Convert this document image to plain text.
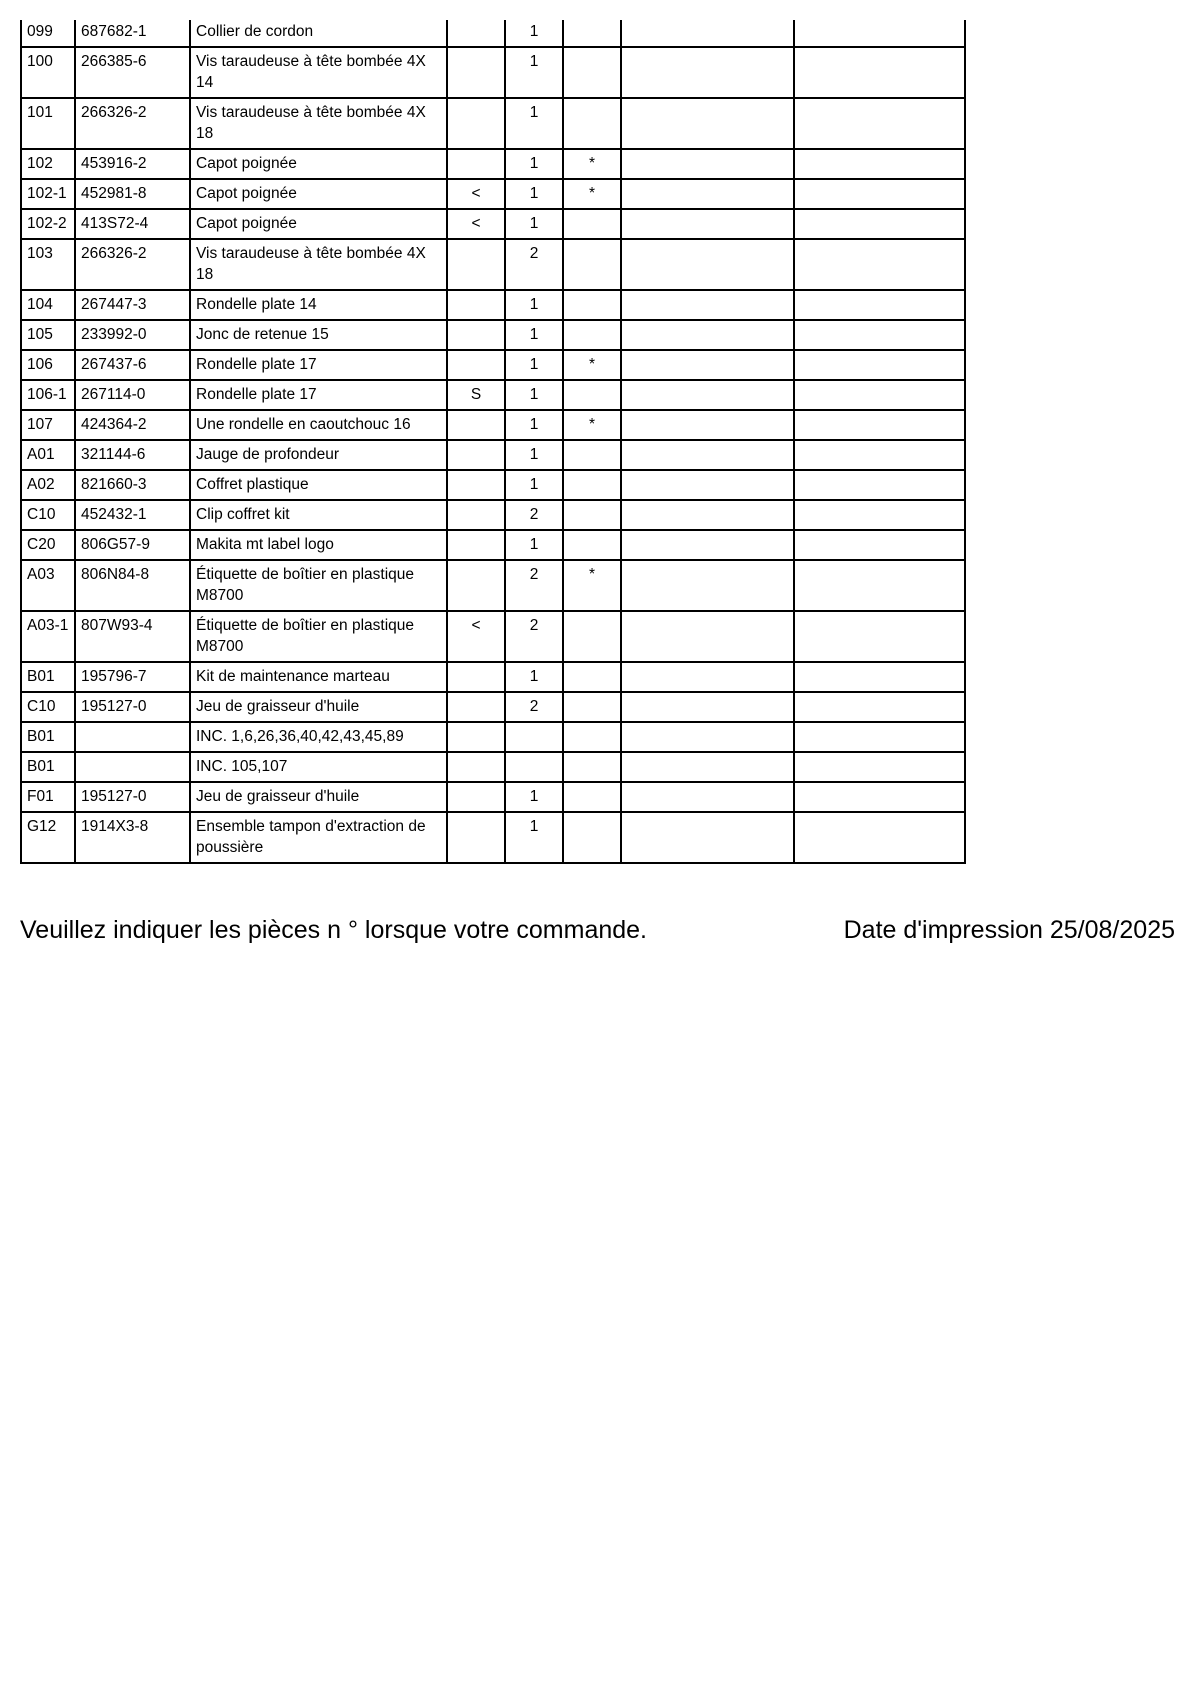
099	687682-1	Collier de cordon		1			
100	266385-6	Vis taraudeuse à tête bombée 4X 14		1			
101	266326-2	Vis taraudeuse à tête bombée 4X 18		1			
102	453916-2	Capot poignée		1	*		
102-1	452981-8	Capot poignée	<	1	*		
102-2	413S72-4	Capot poignée	<	1			
103	266326-2	Vis taraudeuse à tête bombée 4X 18		2			
104	267447-3	Rondelle plate 14		1			
105	233992-0	Jonc de retenue 15		1			
106	267437-6	Rondelle plate 17		1	*		
106-1	267114-0	Rondelle plate 17	S	1			
107	424364-2	Une rondelle en caoutchouc 16		1	*		
A01	321144-6	Jauge de profondeur		1			
A02	821660-3	Coffret plastique		1			
C10	452432-1	Clip coffret kit		2			
C20	806G57-9	Makita mt label logo		1			
A03	806N84-8	Étiquette de boîtier en plastique M8700		2	*		
A03-1	807W93-4	Étiquette de boîtier en plastique M8700	<	2			
B01	195796-7	Kit de maintenance marteau		1			
C10	195127-0	Jeu de graisseur d'huile		2			
B01		INC. 1,6,26,36,40,42,43,45,89					
B01		INC. 105,107					
F01	195127-0	Jeu de graisseur d'huile		1			
G12	1914X3-8	Ensemble tampon d'extraction de poussière		1			
Veuillez indiquer les pièces n ° lorsque votre commande.	Date d'impression 25/08/2025
